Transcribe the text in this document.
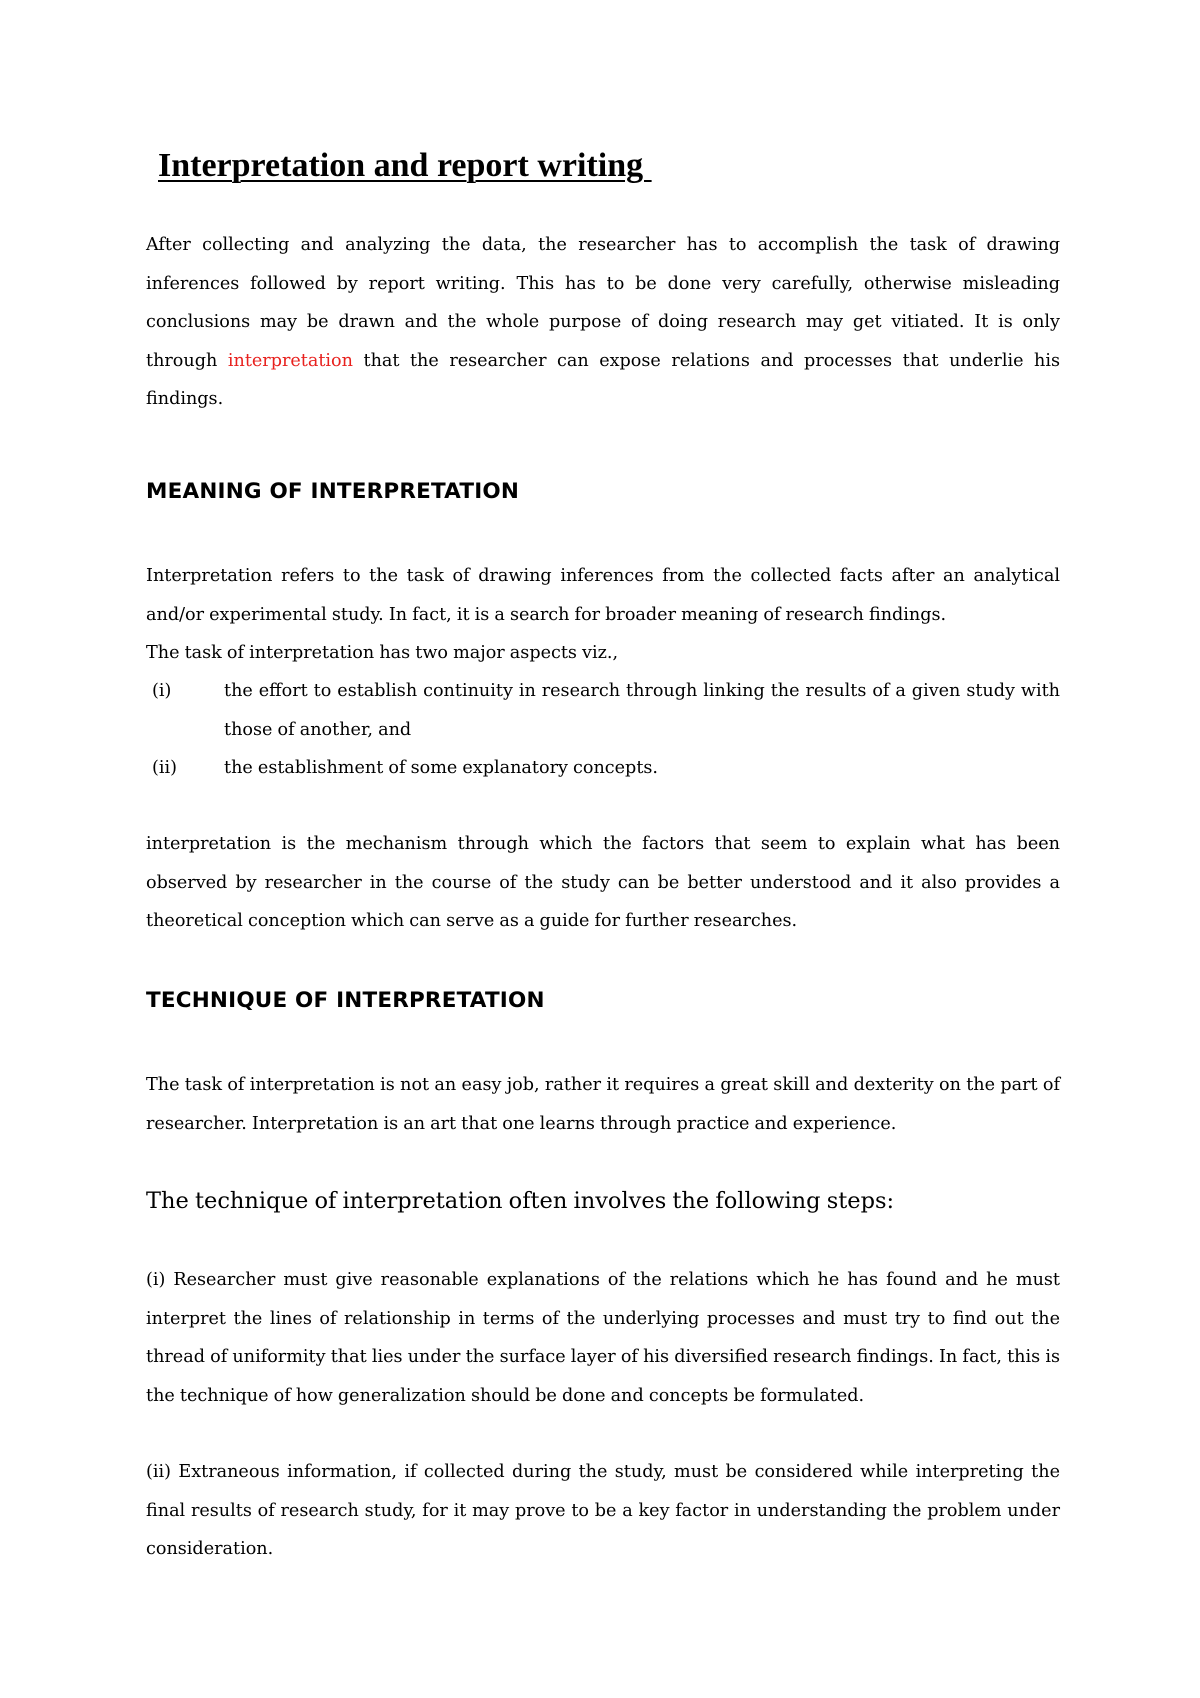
Interpretation and report writing

After collecting and analyzing the data, the researcher has to accomplish the task of drawing inferences followed by report writing. This has to be done very carefully, otherwise misleading conclusions may be drawn and the whole purpose of doing research may get vitiated. It is only through interpretation that the researcher can expose relations and processes that underlie his findings.

MEANING OF INTERPRETATION

Interpretation refers to the task of drawing inferences from the collected facts after an analytical and/or experimental study. In fact, it is a search for broader meaning of research findings.

The task of interpretation has two major aspects viz.,

(i)	the effort to establish continuity in research through linking the results of a given study with those of another, and
(ii)	the establishment of some explanatory concepts.

interpretation is the mechanism through which the factors that seem to explain what has been observed by researcher in the course of the study can be better understood and it also provides a theoretical conception which can serve as a guide for further researches.

TECHNIQUE OF INTERPRETATION

The task of interpretation is not an easy job, rather it requires a great skill and dexterity on the part of researcher. Interpretation is an art that one learns through practice and experience.

The technique of interpretation often involves the following steps:

(i) Researcher must give reasonable explanations of the relations which he has found and he must interpret the lines of relationship in terms of the underlying processes and must try to find out the thread of uniformity that lies under the surface layer of his diversified research findings. In fact, this is the technique of how generalization should be done and concepts be formulated.

(ii) Extraneous information, if collected during the study, must be considered while interpreting the final results of research study, for it may prove to be a key factor in understanding the problem under consideration.
